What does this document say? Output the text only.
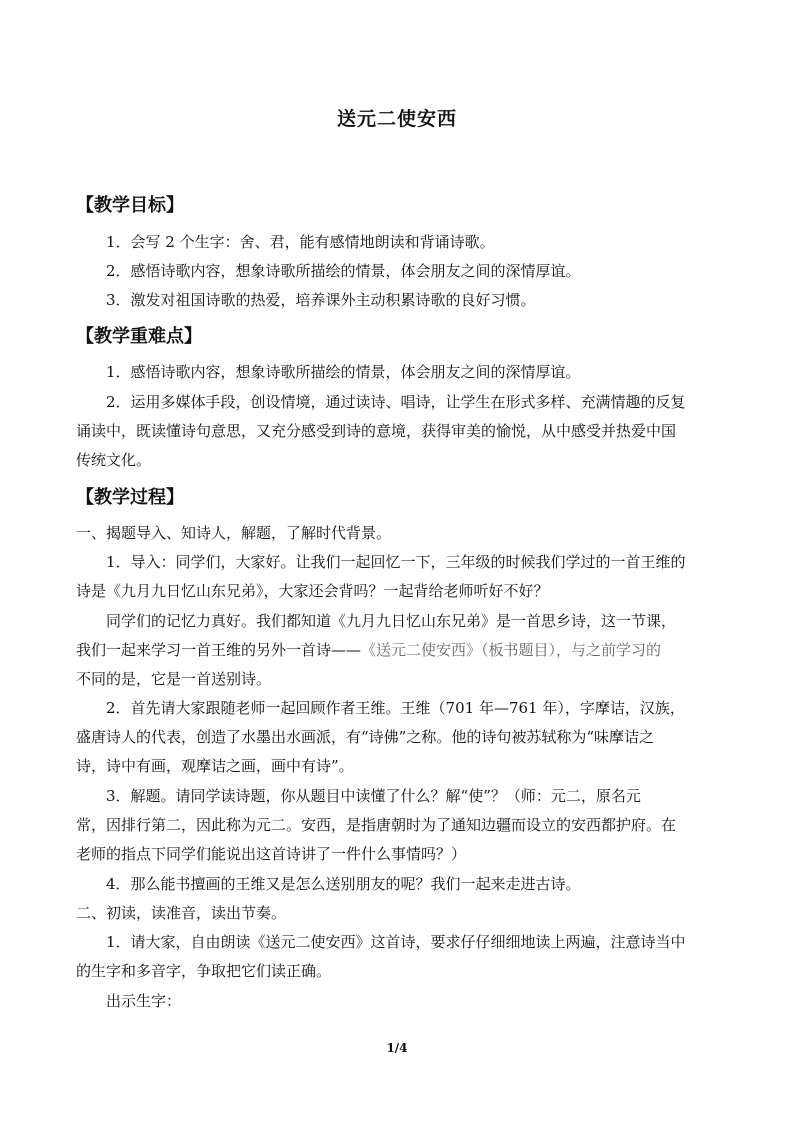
送元二使安西
【教学目标】
1．会写 2 个生字：舍、君，能有感情地朗读和背诵诗歌。
2．感悟诗歌内容，想象诗歌所描绘的情景，体会朋友之间的深情厚谊。
3．激发对祖国诗歌的热爱，培养课外主动积累诗歌的良好习惯。
【教学重难点】
1．感悟诗歌内容，想象诗歌所描绘的情景，体会朋友之间的深情厚谊。
2．运用多媒体手段，创设情境，通过读诗、唱诗，让学生在形式多样、充满情趣的反复
诵读中，既读懂诗句意思，又充分感受到诗的意境，获得审美的愉悦，从中感受并热爱中国
传统文化。
【教学过程】
一、揭题导入、知诗人，解题，了解时代背景。
1．导入：同学们，大家好。让我们一起回忆一下，三年级的时候我们学过的一首王维的
诗是《九月九日忆山东兄弟》，大家还会背吗？一起背给老师听好不好？
同学们的记忆力真好。我们都知道《九月九日忆山东兄弟》是一首思乡诗，这一节课，
我们一起来学习一首王维的另外一首诗——《送元二使安西》（板书题目），与之前学习的
不同的是，它是一首送别诗。
2．首先请大家跟随老师一起回顾作者王维。王维（701 年—761 年），字摩诘，汉族，
盛唐诗人的代表，创造了水墨出水画派，有“诗佛”之称。他的诗句被苏轼称为“味摩诘之
诗，诗中有画，观摩诘之画，画中有诗”。
3．解题。请同学读诗题，你从题目中读懂了什么？解“使”？（师：元二，原名元
常，因排行第二，因此称为元二。安西，是指唐朝时为了通知边疆而设立的安西都护府。在
老师的指点下同学们能说出这首诗讲了一件什么事情吗？）
4．那么能书擅画的王维又是怎么送别朋友的呢？我们一起来走进古诗。
二、初读，读准音，读出节奏。
1．请大家，自由朗读《送元二使安西》这首诗，要求仔仔细细地读上两遍，注意诗当中
的生字和多音字，争取把它们读正确。
出示生字：
1/4
